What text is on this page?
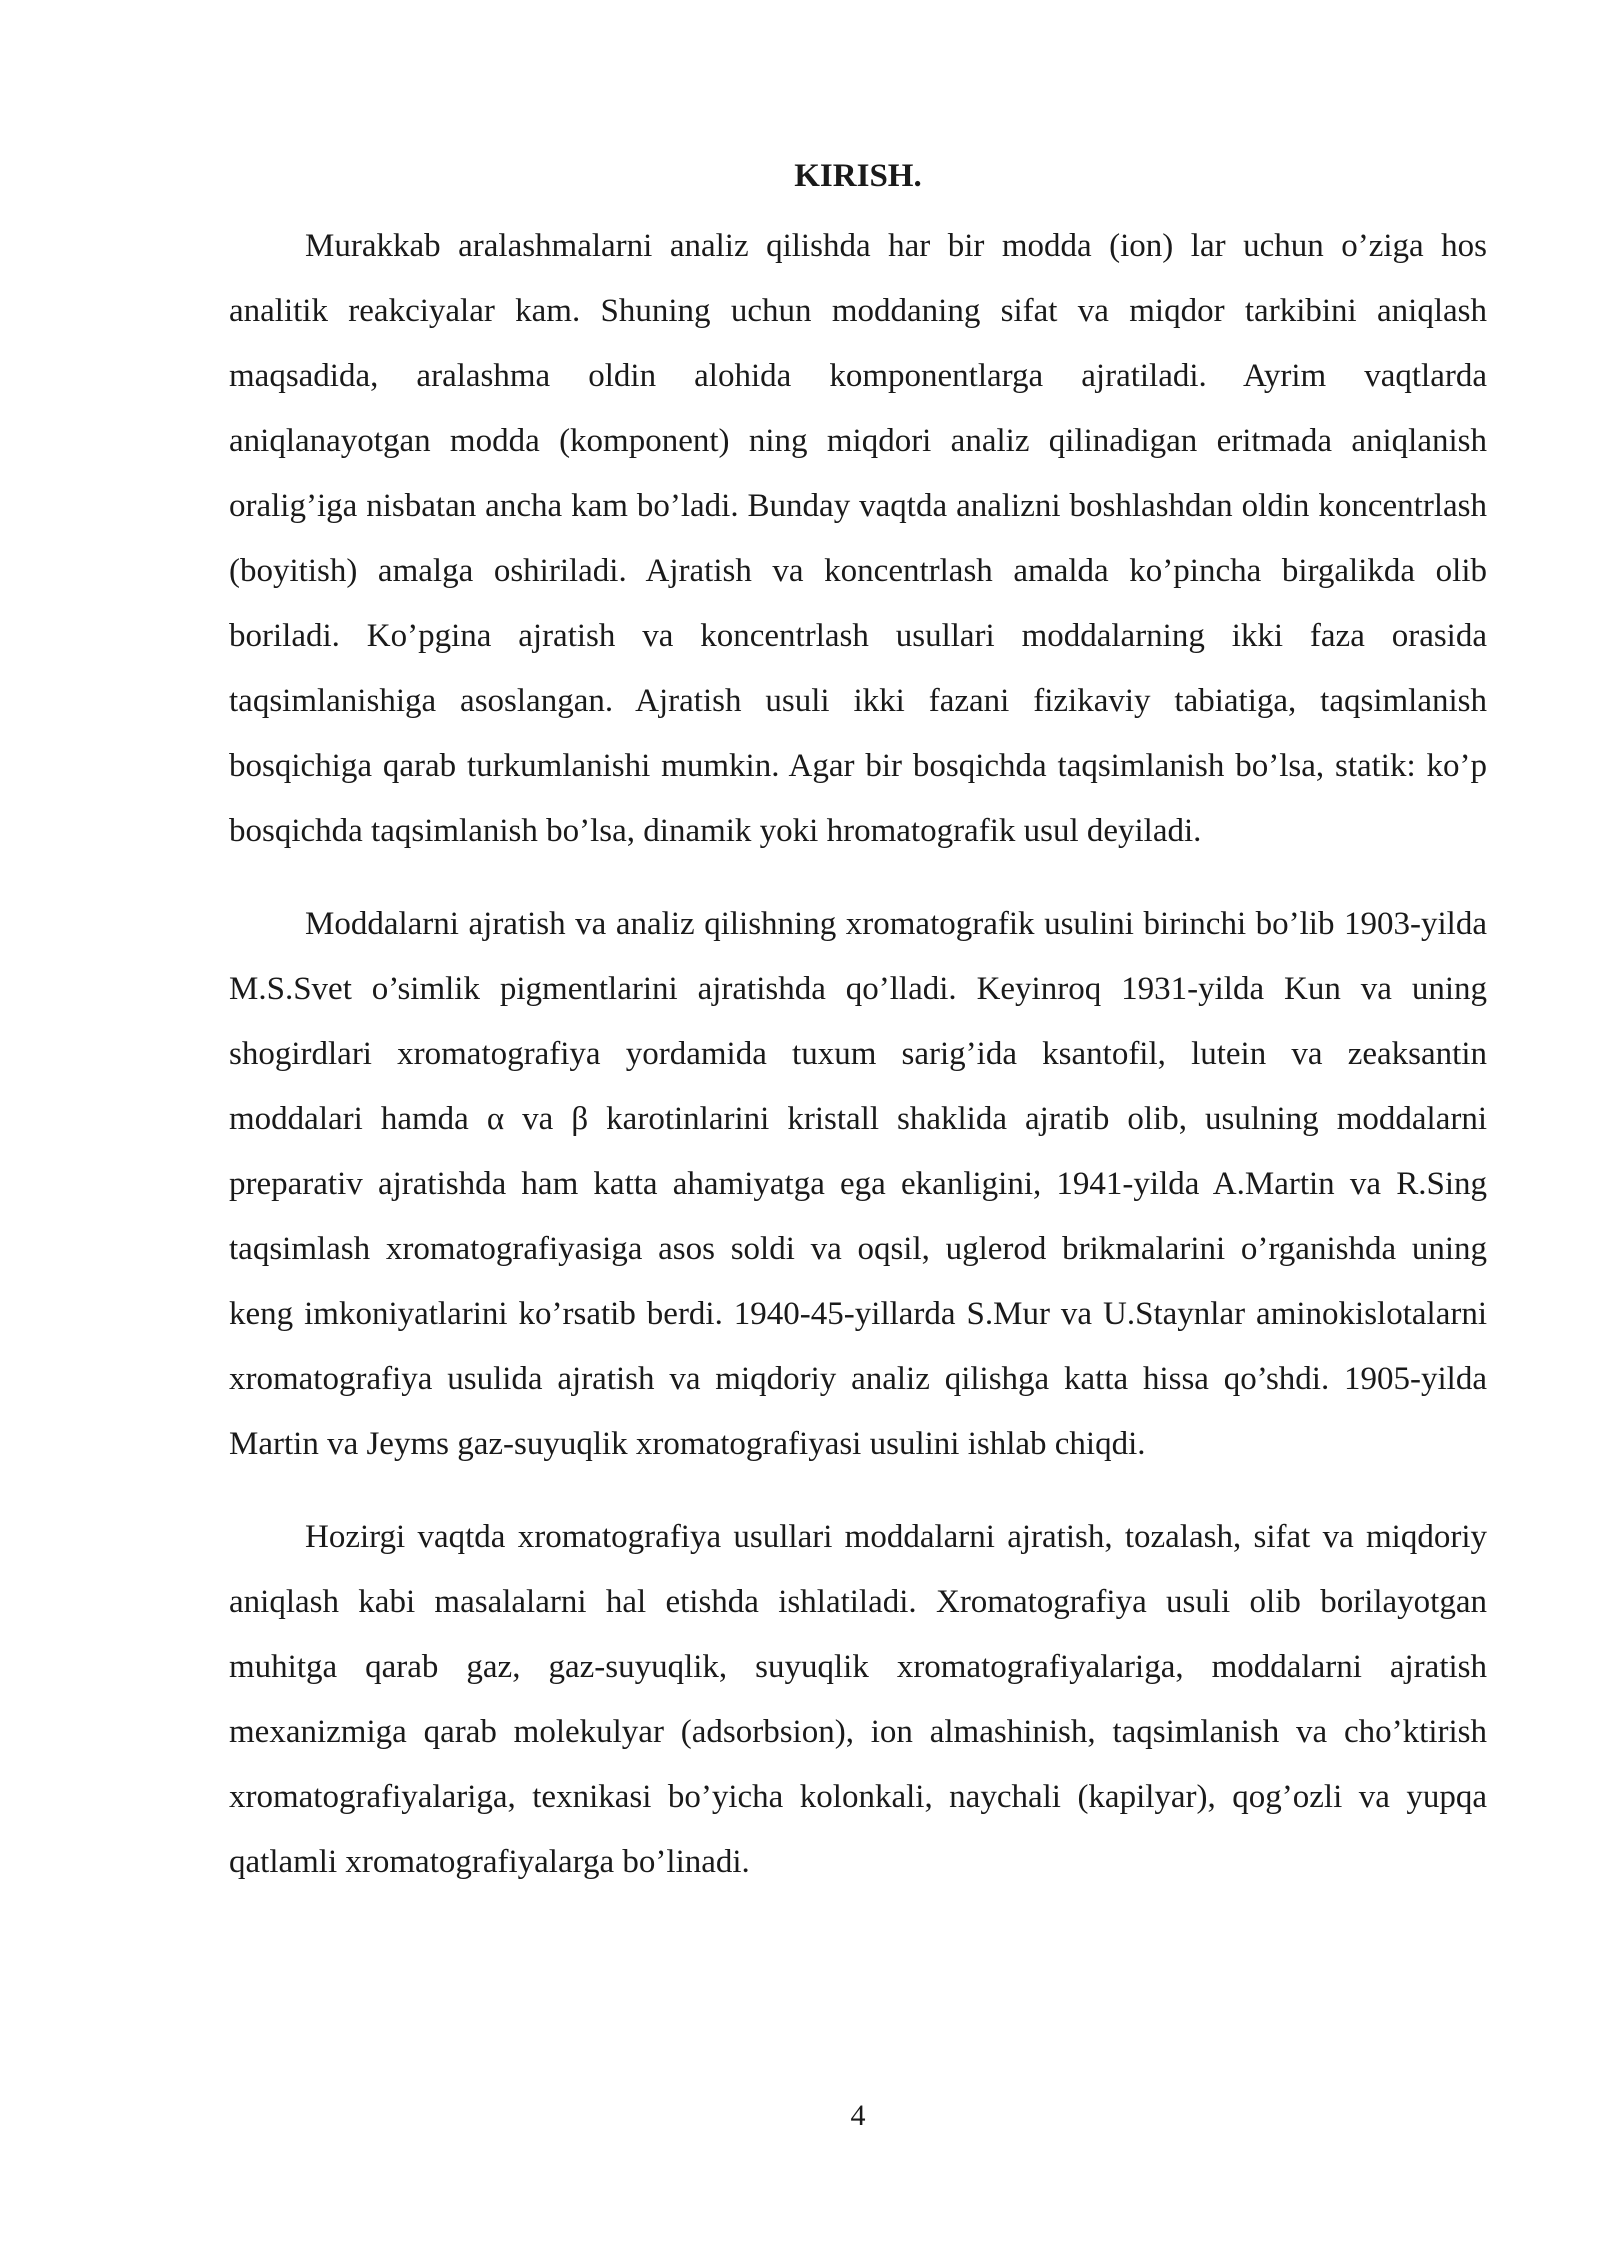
KIRISH.

Murakkab aralashmalarni analiz qilishda har bir modda (ion) lar uchun o’ziga hos analitik reakciyalar kam. Shuning uchun moddaning sifat va miqdor tarkibini aniqlash maqsadida, aralashma oldin alohida komponentlarga ajratiladi. Ayrim vaqtlarda aniqlanayotgan modda (komponent) ning miqdori analiz qilinadigan eritmada aniqlanish oralig’iga nisbatan ancha kam bo’ladi. Bunday vaqtda analizni boshlashdan oldin koncentrlash (boyitish) amalga oshiriladi. Ajratish va koncentrlash amalda ko’pincha birgalikda olib boriladi. Ko’pgina ajratish va koncentrlash usullari moddalarning ikki faza orasida taqsimlanishiga asoslangan. Ajratish usuli ikki fazani fizikaviy tabiatiga, taqsimlanish bosqichiga qarab turkumlanishi mumkin. Agar bir bosqichda taqsimlanish bo’lsa, statik: ko’p bosqichda taqsimlanish bo’lsa, dinamik yoki hromatografik usul deyiladi.

Moddalarni ajratish va analiz qilishning xromatografik usulini birinchi bo’lib 1903-yilda M.S.Svet o’simlik pigmentlarini ajratishda qo’lladi. Keyinroq 1931-yilda Kun va uning shogirdlari xromatografiya yordamida tuxum sarig’ida ksantofil, lutein va zeaksantin moddalari hamda α va β karotinlarini kristall shaklida ajratib olib, usulning moddalarni preparativ ajratishda ham katta ahamiyatga ega ekanligini, 1941-yilda A.Martin va R.Sing taqsimlash xromatografiyasiga asos soldi va oqsil, uglerod brikmalarini o’rganishda uning keng imkoniyatlarini ko’rsatib berdi. 1940-45-yillarda S.Mur va U.Staynlar aminokislotalarni xromatografiya usulida ajratish va miqdoriy analiz qilishga katta hissa qo’shdi. 1905-yilda Martin va Jeyms gaz-suyuqlik xromatografiyasi usulini ishlab chiqdi.

Hozirgi vaqtda xromatografiya usullari moddalarni ajratish, tozalash, sifat va miqdoriy aniqlash kabi masalalarni hal etishda ishlatiladi. Xromatografiya usuli olib borilayotgan muhitga qarab gaz, gaz-suyuqlik, suyuqlik xromatografiyalariga, moddalarni ajratish mexanizmiga qarab molekulyar (adsorbsion), ion almashinish, taqsimlanish va cho’ktirish xromatografiyalariga, texnikasi bo’yicha kolonkali, naychali (kapilyar), qog’ozli va yupqa qatlamli xromatografiyalarga bo’linadi.

4
